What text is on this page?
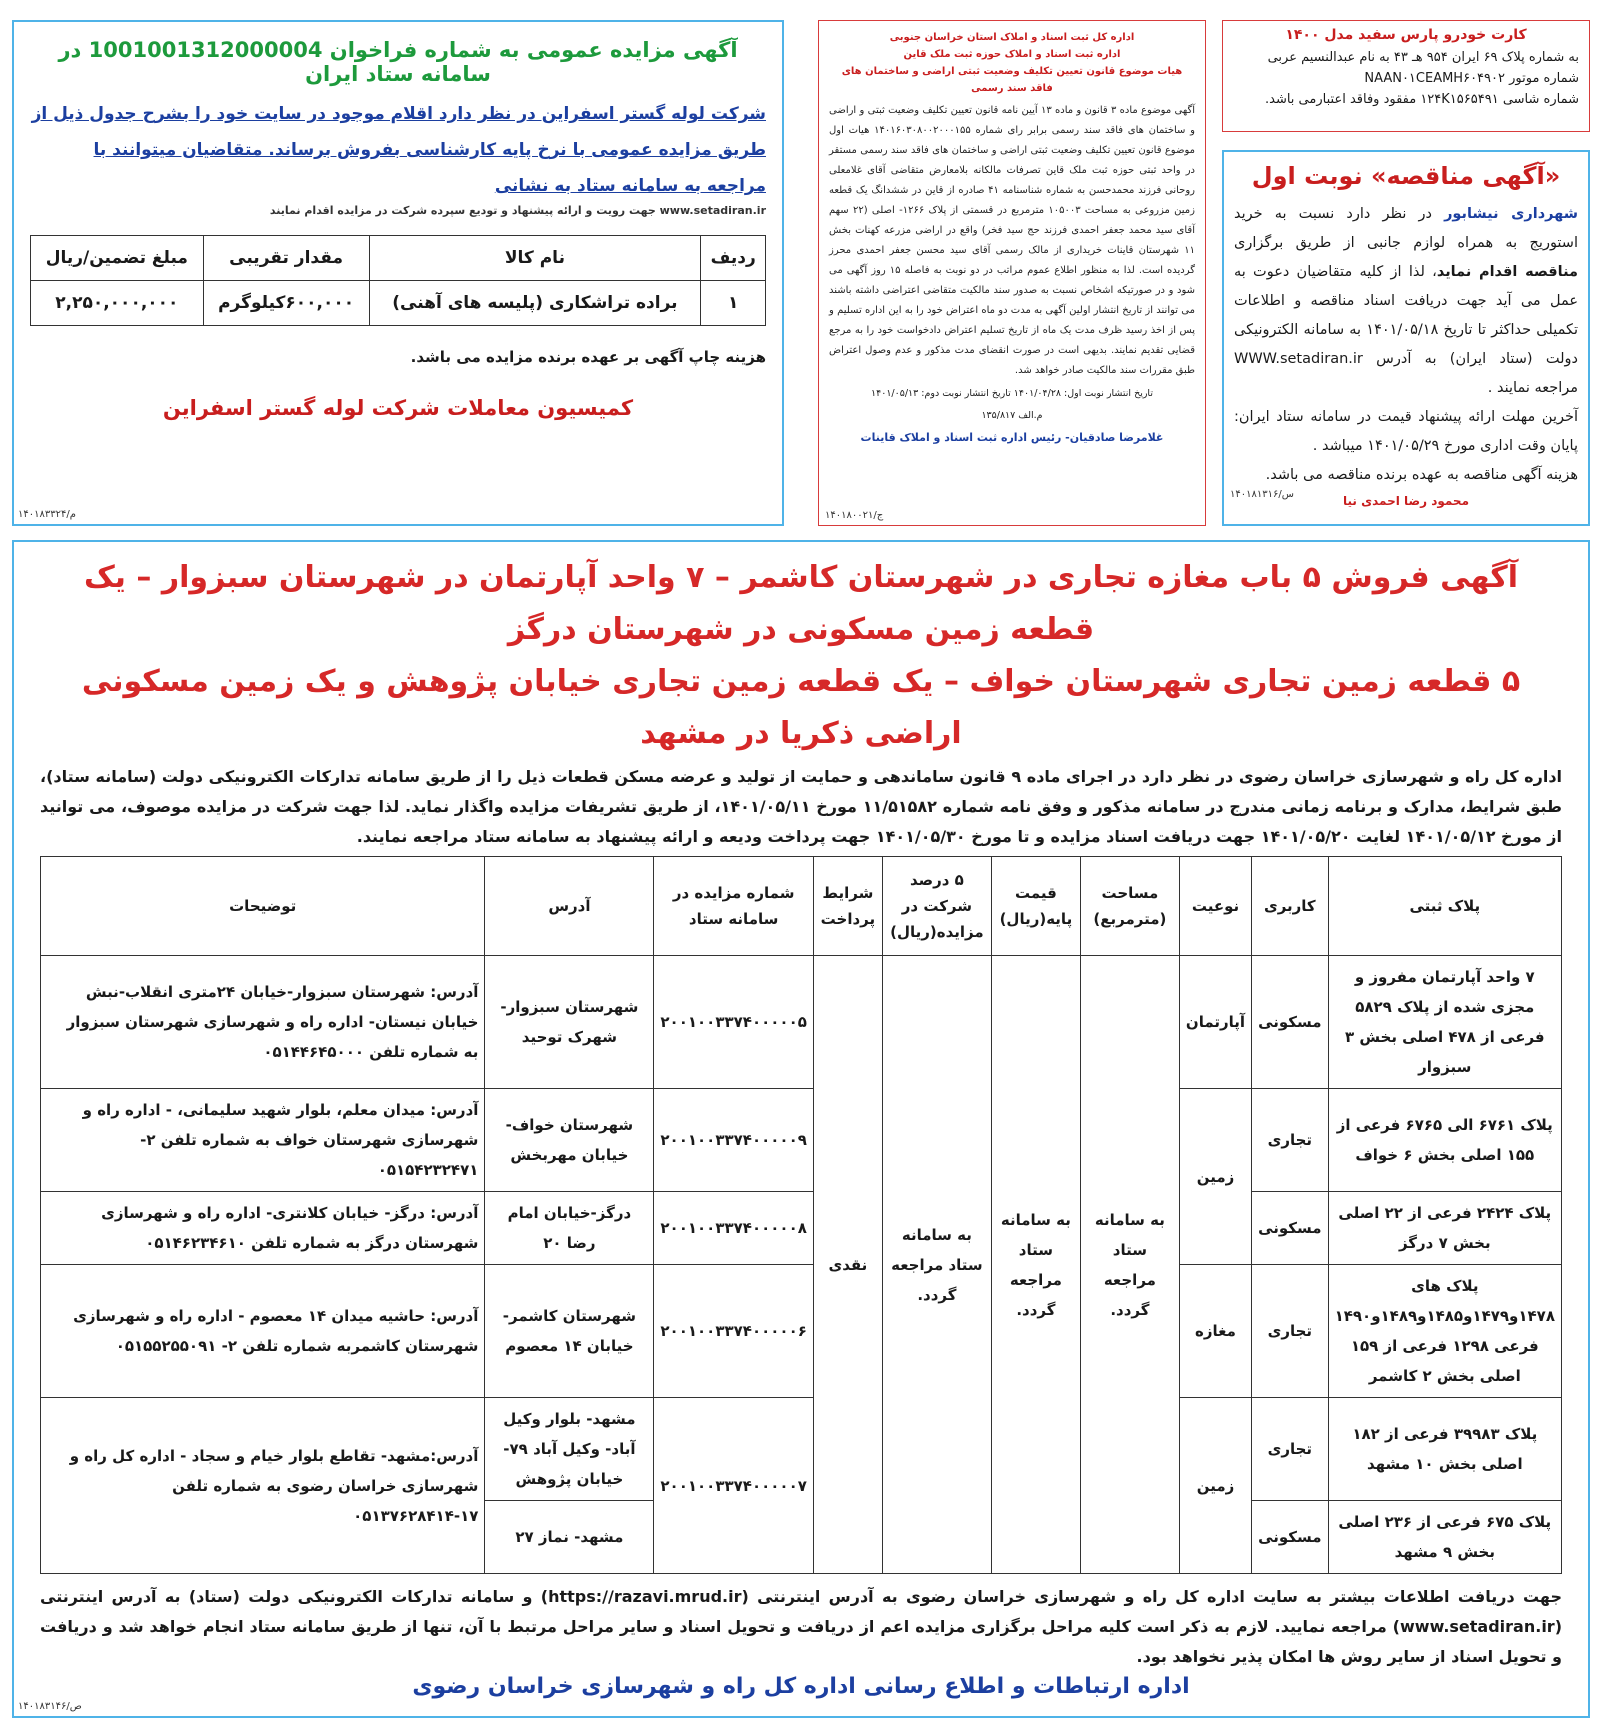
کارت خودرو پارس سفید مدل ۱۴۰۰
به شماره پلاک ۶۹ ایران ۹۵۴ هـ ۴۳ به نام عبدالنسیم عربی
شماره موتور NAAN۰۱CEAMH۶۰۴۹۰۲
شماره شاسی ۱۲۴K۱۵۶۵۴۹۱ مفقود وفاقد اعتبارمی باشد.
«آگهی مناقصه» نوبت اول
شهرداری نیشابور در نظر دارد نسبت به خرید استوریج به همراه لوازم جانبی از طریق برگزاری مناقصه اقدام نماید، لذا از کلیه متقاضیان دعوت به عمل می آید جهت دریافت اسناد مناقصه و اطلاعات تکمیلی حداکثر تا تاریخ ۱۴۰۱/۰۵/۱۸ به سامانه الکترونیکی دولت (ستاد ایران) به آدرس WWW.setadiran.ir مراجعه نمایند .
آخرین مهلت ارائه پیشنهاد قیمت در سامانه ستاد ایران: پایان وقت اداری مورخ ۱۴۰۱/۰۵/۲۹ میباشد .
هزینه آگهی مناقصه به عهده برنده مناقصه می باشد.
محمود رضا احمدی نیا
۱۴۰۱۸۱۳۱۶/س
اداره کل ثبت اسناد و املاک استان خراسان جنوبی
اداره ثبت اسناد و املاک حوزه ثبت ملک قاین
هیات موضوع قانون تعیین تکلیف وضعیت ثبتی اراضی و ساختمان های فاقد سند رسمی
آگهی موضوع ماده ۳ قانون و ماده ۱۳ آیین نامه قانون تعیین تکلیف وضعیت ثبتی و اراضی و ساختمان های فاقد سند رسمی برابر رای شماره ۱۴۰۱۶۰۳۰۸۰۰۲۰۰۰۱۵۵ هیات اول موضوع قانون تعیین تکلیف وضعیت ثبتی اراضی و ساختمان های فاقد سند رسمی مستقر در واحد ثبتی حوزه ثبت ملک قاین تصرفات مالکانه بلامعارض متقاضی آقای غلامعلی روحانی فرزند محمدحسن به شماره شناسنامه ۴۱ صادره از قاین در ششدانگ یک قطعه زمین مزروعی به مساحت ۱۰۵۰۰۳ مترمربع در قسمتی از پلاک ۱۲۶۶- اصلی (۲۲ سهم آقای سید محمد جعفر احمدی فرزند حج سید فخر) واقع در اراضی مزرعه کهنات بخش ۱۱ شهرستان قاینات خریداری از مالک رسمی آقای سید محسن جعفر احمدی محرز گردیده است. لذا به منظور اطلاع عموم مراتب در دو نوبت به فاصله ۱۵ روز آگهی می شود و در صورتیکه اشخاص نسبت به صدور سند مالکیت متقاضی اعتراضی داشته باشند می توانند از تاریخ انتشار اولین آگهی به مدت دو ماه اعتراض خود را به این اداره تسلیم و پس از اخذ رسید ظرف مدت یک ماه از تاریخ تسلیم اعتراض دادخواست خود را به مرجع قضایی تقدیم نمایند. بدیهی است در صورت انقضای مدت مذکور و عدم وصول اعتراض طبق مقررات سند مالکیت صادر خواهد شد.
تاریخ انتشار نوبت اول: ۱۴۰۱/۰۴/۲۸ تاریخ انتشار نوبت دوم: ۱۴۰۱/۰۵/۱۳
م.الف ۱۳۵/۸۱۷
غلامرضا صادقیان- رئیس اداره ثبت اسناد و املاک قاینات
۱۴۰۱۸۰۰۲۱/ج
آگهی مزایده عمومی به شماره فراخوان 1001001312000004 در سامانه ستاد ایران
شرکت لوله گستر اسفراین در نظر دارد اقلام موجود در سایت خود را بشرح جدول ذیل از طریق مزایده عمومی با نرخ پایه کارشناسی بفروش برساند. متقاضیان میتوانند با مراجعه به سامانه ستاد به نشانی
www.setadiran.ir جهت رویت و ارائه پیشنهاد و تودیع سپرده شرکت در مزایده اقدام نمایند
ردیف	نام کالا	مقدار تقریبی	مبلغ تضمین/ریال
۱	براده تراشکاری (پلیسه های آهنی)	۶۰۰,۰۰۰کیلوگرم	۲,۲۵۰,۰۰۰,۰۰۰
هزینه چاپ آگهی بر عهده برنده مزایده می باشد.
کمیسیون معاملات شرکت لوله گستر اسفراین
۱۴۰۱۸۳۳۲۴/م
آگهی فروش ۵ باب مغازه تجاری در شهرستان کاشمر – ۷ واحد آپارتمان در شهرستان سبزوار – یک قطعه زمین مسکونی در شهرستان درگز
۵ قطعه زمین تجاری شهرستان خواف – یک قطعه زمین تجاری خیابان پژوهش و یک زمین مسکونی اراضی ذکریا در مشهد
اداره کل راه و شهرسازی خراسان رضوی در نظر دارد در اجرای ماده ۹ قانون ساماندهی و حمایت از تولید و عرضه مسکن قطعات ذیل را از طریق سامانه تدارکات الکترونیکی دولت (سامانه ستاد)، طبق شرایط، مدارک و برنامه زمانی مندرج در سامانه مذکور و وفق نامه شماره ۱۱/۵۱۵۸۲ مورخ ۱۴۰۱/۰۵/۱۱، از طریق تشریفات مزایده واگذار نماید. لذا جهت شرکت در مزایده موصوف، می توانید از مورخ ۱۴۰۱/۰۵/۱۲ لغایت ۱۴۰۱/۰۵/۲۰ جهت دریافت اسناد مزایده و تا مورخ ۱۴۰۱/۰۵/۳۰ جهت پرداخت ودیعه و ارائه پیشنهاد به سامانه ستاد مراجعه نمایند.
پلاک ثبتی	کاربری	نوعیت	مساحت (مترمربع)	قیمت پایه(ریال)	۵ درصد شرکت در مزایده(ریال)	شرایط پرداخت	شماره مزایده در سامانه ستاد	آدرس	توضیحات
۷ واحد آپارتمان مفروز و مجزی شده از پلاک ۵۸۲۹ فرعی از ۴۷۸ اصلی بخش ۳ سبزوار	مسکونی	آپارتمان	به سامانه ستاد مراجعه گردد.	به سامانه ستاد مراجعه گردد.	به سامانه ستاد مراجعه گردد.	نقدی	۲۰۰۱۰۰۳۳۷۴۰۰۰۰۰۵	شهرستان سبزوار- شهرک توحید	آدرس: شهرستان سبزوار-خیابان ۲۴متری انقلاب-نبش خیابان نیستان- اداره راه و شهرسازی شهرستان سبزوار به شماره تلفن ۰۵۱۴۴۶۴۵۰۰۰
پلاک ۶۷۶۱ الی ۶۷۶۵ فرعی از ۱۵۵ اصلی بخش ۶ خواف	تجاری	زمین					۲۰۰۱۰۰۳۳۷۴۰۰۰۰۰۹	شهرستان خواف- خیابان مهربخش	آدرس: میدان معلم، بلوار شهید سلیمانی، - اداره راه و شهرسازی شهرستان خواف به شماره تلفن ۲- ۰۵۱۵۴۲۳۲۴۷۱
پلاک ۲۴۲۴ فرعی از ۲۲ اصلی بخش ۷ درگز	مسکونی						۲۰۰۱۰۰۳۳۷۴۰۰۰۰۰۸	درگز-خیابان امام رضا ۲۰	آدرس: درگز- خیابان کلانتری- اداره راه و شهرسازی شهرستان درگز به شماره تلفن ۰۵۱۴۶۲۳۴۶۱۰
پلاک های ۱۴۷۸و۱۴۷۹و۱۴۸۵و۱۴۸۹و۱۴۹۰ فرعی ۱۲۹۸ فرعی از ۱۵۹ اصلی بخش ۲ کاشمر	تجاری	مغازه					۲۰۰۱۰۰۳۳۷۴۰۰۰۰۰۶	شهرستان کاشمر- خیابان ۱۴ معصوم	آدرس: حاشیه میدان ۱۴ معصوم - اداره راه و شهرسازی شهرستان کاشمربه شماره تلفن ۲- ۰۵۱۵۵۲۵۵۰۹۱
پلاک ۳۹۹۸۳ فرعی از ۱۸۲ اصلی بخش ۱۰ مشهد	تجاری	زمین					۲۰۰۱۰۰۳۳۷۴۰۰۰۰۰۷	مشهد- بلوار وکیل آباد- وکیل آباد ۷۹- خیابان پژوهش	آدرس:مشهد- تقاطع بلوار خیام و سجاد - اداره کل راه و شهرسازی خراسان رضوی به شماره تلفن ۱۷-۰۵۱۳۷۶۲۸۴۱۴
پلاک ۶۷۵ فرعی از ۲۳۶ اصلی بخش ۹ مشهد	مسکونی							مشهد- نماز ۲۷	
جهت دریافت اطلاعات بیشتر به سایت اداره کل راه و شهرسازی خراسان رضوی به آدرس اینترنتی (https://razavi.mrud.ir) و سامانه تدارکات الکترونیکی دولت (ستاد) به آدرس اینترنتی (www.setadiran.ir) مراجعه نمایید. لازم به ذکر است کلیه مراحل برگزاری مزایده اعم از دریافت و تحویل اسناد و سایر مراحل مرتبط با آن، تنها از طریق سامانه ستاد انجام خواهد شد و دریافت و تحویل اسناد از سایر روش ها امکان پذیر نخواهد بود.
اداره ارتباطات و اطلاع رسانی اداره کل راه و شهرسازی خراسان رضوی
۱۴۰۱۸۳۱۴۶/ص
